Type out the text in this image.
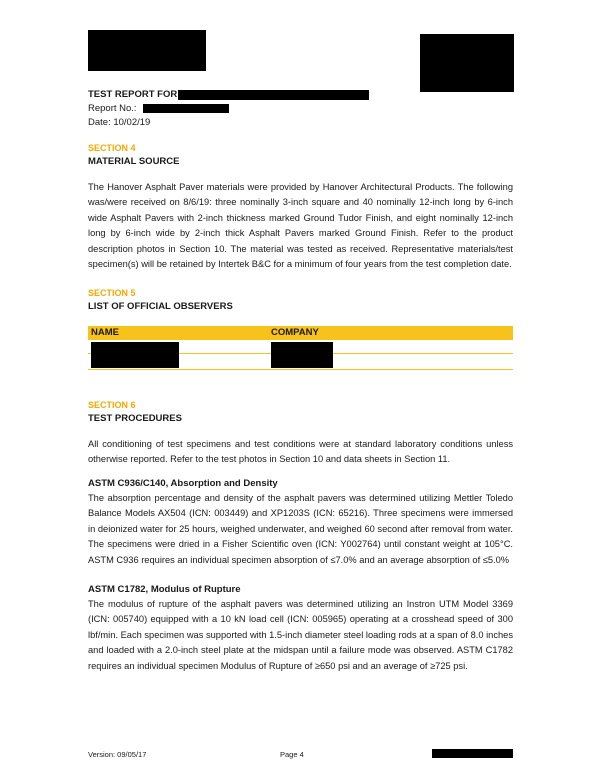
TEST REPORT FOR
Report No.:
Date: 10/02/19
SECTION 4
MATERIAL SOURCE
The Hanover Asphalt Paver materials were provided by Hanover Architectural Products. The following was/were received on 8/6/19: three nominally 3-inch square and 40 nominally 12-inch long by 6-inch wide Asphalt Pavers with 2-inch thickness marked Ground Tudor Finish, and eight nominally 12-inch long by 6-inch wide by 2-inch thick Asphalt Pavers marked Ground Finish. Refer to the product description photos in Section 10. The material was tested as received. Representative materials/test specimen(s) will be retained by Intertek B&C for a minimum of four years from the test completion date.
SECTION 5
LIST OF OFFICIAL OBSERVERS
NAME	COMPANY
SECTION 6
TEST PROCEDURES
All conditioning of test specimens and test conditions were at standard laboratory conditions unless otherwise reported. Refer to the test photos in Section 10 and data sheets in Section 11.
ASTM C936/C140, Absorption and Density
The absorption percentage and density of the asphalt pavers was determined utilizing Mettler Toledo Balance Models AX504 (ICN: 003449) and XP1203S (ICN: 65216). Three specimens were immersed in deionized water for 25 hours, weighed underwater, and weighed 60 second after removal from water. The specimens were dried in a Fisher Scientific oven (ICN: Y002764) until constant weight at 105°C. ASTM C936 requires an individual specimen absorption of ≤7.0% and an average absorption of ≤5.0%
ASTM C1782, Modulus of Rupture
The modulus of rupture of the asphalt pavers was determined utilizing an Instron UTM Model 3369 (ICN: 005740) equipped with a 10 kN load cell (ICN: 005965) operating at a crosshead speed of 300 lbf/min. Each specimen was supported with 1.5-inch diameter steel loading rods at a span of 8.0 inches and loaded with a 2.0-inch steel plate at the midspan until a failure mode was observed. ASTM C1782 requires an individual specimen Modulus of Rupture of ≥650 psi and an average of ≥725 psi.
Version: 09/05/17	Page 4
